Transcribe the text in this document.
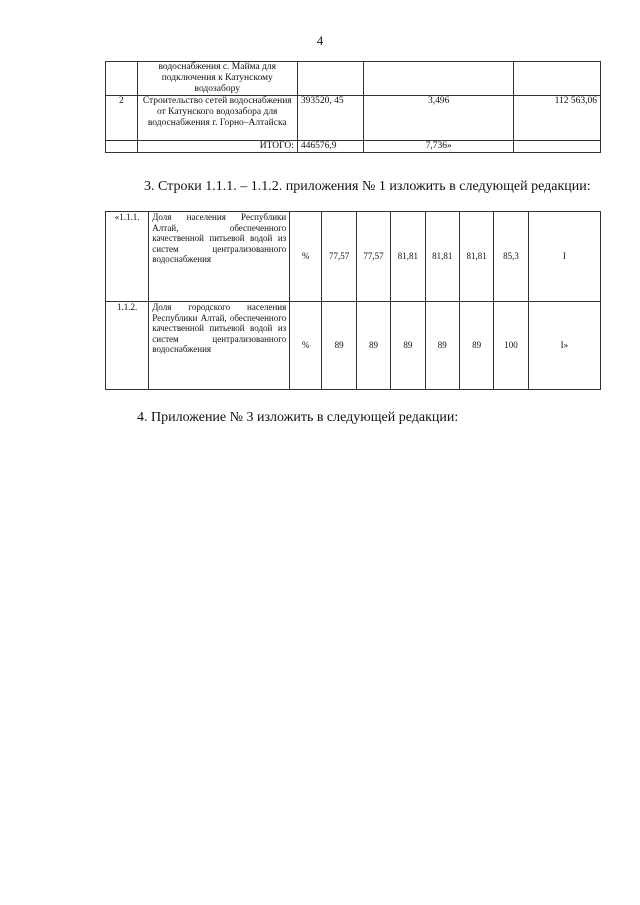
4
	водоснабжения с. Майма для подключения к Катунскому водозабору			
2	Строительство сетей водоснабжения от Катунского водозабора для водоснабжения г. Горно–Алтайска	393520, 45	3,496	112 563,06
	ИТОГО:	446576,9	7,736»	
3. Строки 1.1.1. – 1.1.2. приложения № 1 изложить в следующей редакции:
«1.1.1.	Доля населения Республики Алтай, обеспеченного качественной питьевой водой из систем централизованного водоснабжения	%	77,57	77,57	81,81	81,81	81,81	85,3	I
1.1.2.	Доля городского населения Республики Алтай, обеспеченного качественной питьевой водой из систем централизованного водоснабжения	%	89	89	89	89	89	100	I»
4. Приложение № 3 изложить в следующей редакции:
